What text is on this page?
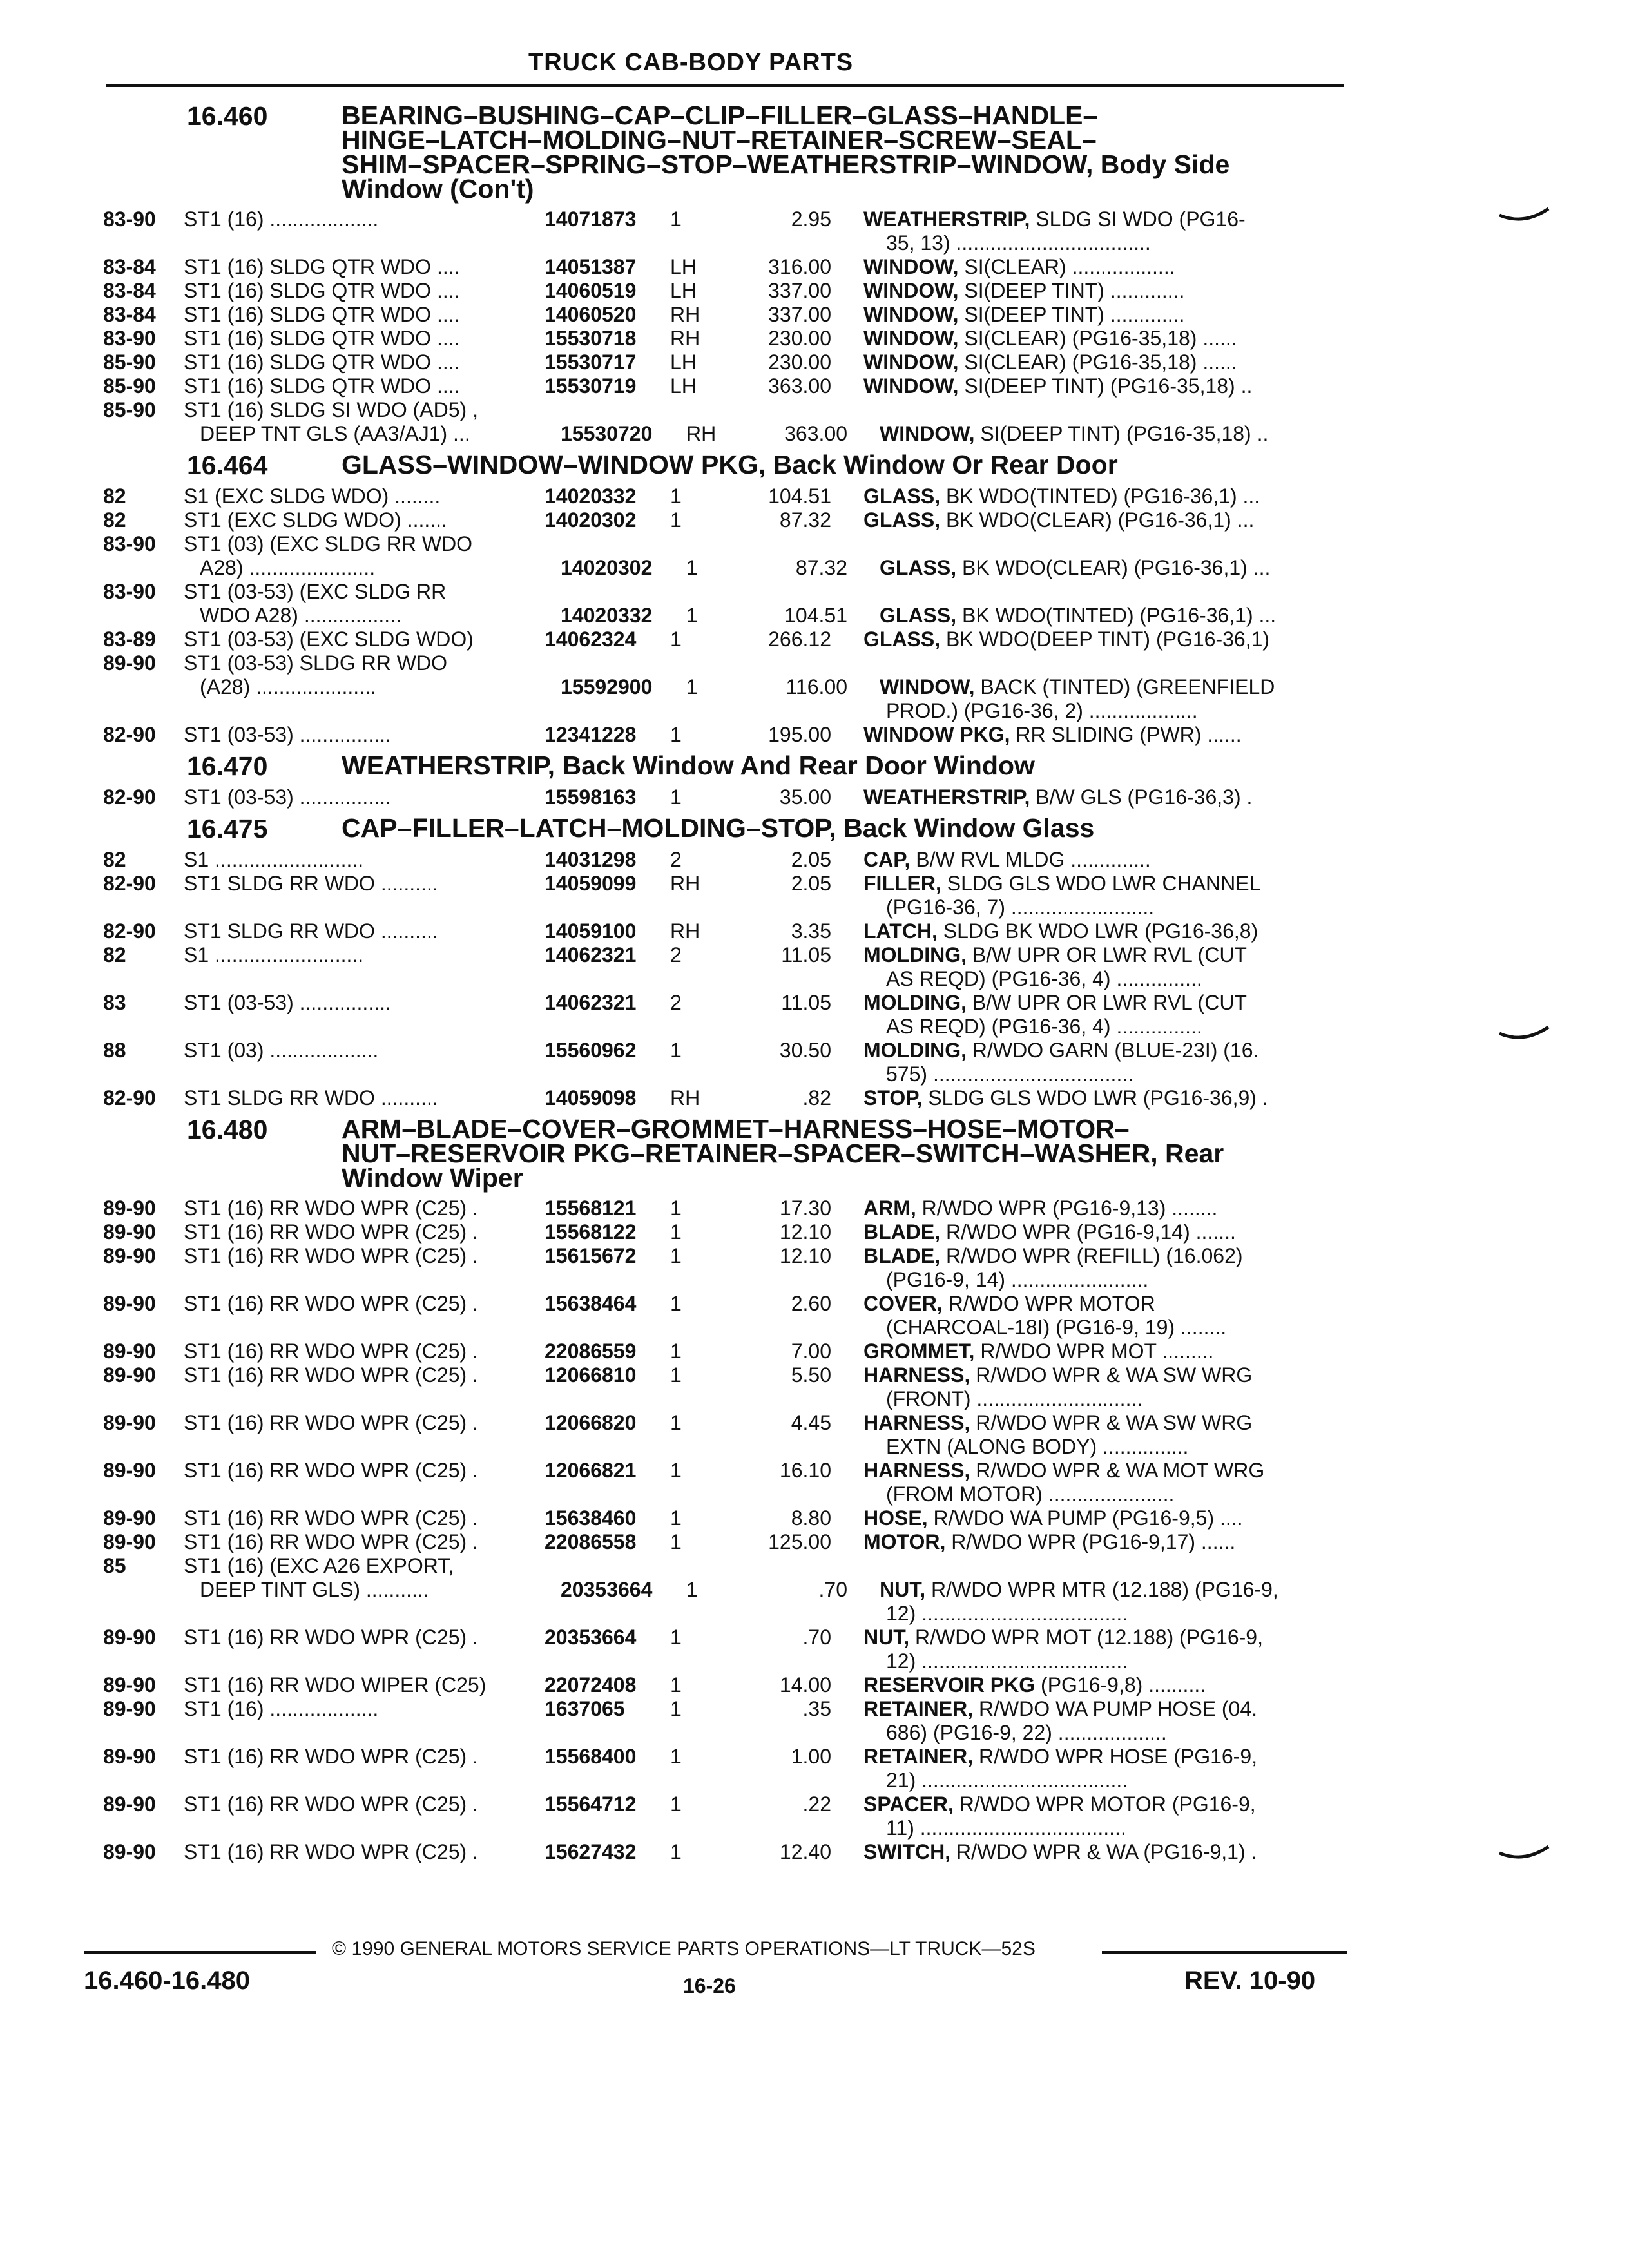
TRUCK CAB-BODY PARTS
16.460	BEARING–BUSHING–CAP–CLIP–FILLER–GLASS–HANDLE–
HINGE–LATCH–MOLDING–NUT–RETAINER–SCREW–SEAL–
SHIM–SPACER–SPRING–STOP–WEATHERSTRIP–WINDOW, Body Side
Window (Con't)
83-90	ST1 (16) ...................	14071873	1	2.95	WEATHERSTRIP, SLDG SI WDO (PG16-
35, 13) ..................................
83-84	ST1 (16) SLDG QTR WDO ....	14051387	LH	316.00	WINDOW, SI(CLEAR) ..................
83-84	ST1 (16) SLDG QTR WDO ....	14060519	LH	337.00	WINDOW, SI(DEEP TINT) .............
83-84	ST1 (16) SLDG QTR WDO ....	14060520	RH	337.00	WINDOW, SI(DEEP TINT) .............
83-90	ST1 (16) SLDG QTR WDO ....	15530718	RH	230.00	WINDOW, SI(CLEAR) (PG16-35,18) ......
85-90	ST1 (16) SLDG QTR WDO ....	15530717	LH	230.00	WINDOW, SI(CLEAR) (PG16-35,18) ......
85-90	ST1 (16) SLDG QTR WDO ....	15530719	LH	363.00	WINDOW, SI(DEEP TINT) (PG16-35,18) ..
85-90	ST1 (16) SLDG SI WDO (AD5) ,
DEEP TNT GLS (AA3/AJ1) ...	15530720	RH	363.00	WINDOW, SI(DEEP TINT) (PG16-35,18) ..
16.464	GLASS–WINDOW–WINDOW PKG, Back Window Or Rear Door
82	S1 (EXC SLDG WDO) ........	14020332	1	104.51	GLASS, BK WDO(TINTED) (PG16-36,1) ...
82	ST1 (EXC SLDG WDO) .......	14020302	1	87.32	GLASS, BK WDO(CLEAR) (PG16-36,1) ...
83-90	ST1 (03) (EXC SLDG RR WDO
A28) ......................	14020302	1	87.32	GLASS, BK WDO(CLEAR) (PG16-36,1) ...
83-90	ST1 (03-53) (EXC SLDG RR
WDO A28) .................	14020332	1	104.51	GLASS, BK WDO(TINTED) (PG16-36,1) ...
83-89	ST1 (03-53) (EXC SLDG WDO)	14062324	1	266.12	GLASS, BK WDO(DEEP TINT) (PG16-36,1)
89-90	ST1 (03-53) SLDG RR WDO
(A28) .....................	15592900	1	116.00	WINDOW, BACK (TINTED) (GREENFIELD
PROD.) (PG16-36, 2) ...................
82-90	ST1 (03-53) ................	12341228	1	195.00	WINDOW PKG, RR SLIDING (PWR) ......
16.470	WEATHERSTRIP, Back Window And Rear Door Window
82-90	ST1 (03-53) ................	15598163	1	35.00	WEATHERSTRIP, B/W GLS (PG16-36,3) .
16.475	CAP–FILLER–LATCH–MOLDING–STOP, Back Window Glass
82	S1 ..........................	14031298	2	2.05	CAP, B/W RVL MLDG ..............
82-90	ST1 SLDG RR WDO ..........	14059099	RH	2.05	FILLER, SLDG GLS WDO LWR CHANNEL
(PG16-36, 7) .........................
82-90	ST1 SLDG RR WDO ..........	14059100	RH	3.35	LATCH, SLDG BK WDO LWR (PG16-36,8)
82	S1 ..........................	14062321	2	11.05	MOLDING, B/W UPR OR LWR RVL (CUT
AS REQD) (PG16-36, 4) ...............
83	ST1 (03-53) ................	14062321	2	11.05	MOLDING, B/W UPR OR LWR RVL (CUT
AS REQD) (PG16-36, 4) ...............
88	ST1 (03) ...................	15560962	1	30.50	MOLDING, R/WDO GARN (BLUE-23I) (16.
575) ...................................
82-90	ST1 SLDG RR WDO ..........	14059098	RH	.82	STOP, SLDG GLS WDO LWR (PG16-36,9) .
16.480	ARM–BLADE–COVER–GROMMET–HARNESS–HOSE–MOTOR–
NUT–RESERVOIR PKG–RETAINER–SPACER–SWITCH–WASHER, Rear
Window Wiper
89-90	ST1 (16) RR WDO WPR (C25) .	15568121	1	17.30	ARM, R/WDO WPR (PG16-9,13) ........
89-90	ST1 (16) RR WDO WPR (C25) .	15568122	1	12.10	BLADE, R/WDO WPR (PG16-9,14) .......
89-90	ST1 (16) RR WDO WPR (C25) .	15615672	1	12.10	BLADE, R/WDO WPR (REFILL) (16.062)
(PG16-9, 14) ........................
89-90	ST1 (16) RR WDO WPR (C25) .	15638464	1	2.60	COVER, R/WDO WPR MOTOR
(CHARCOAL-18I) (PG16-9, 19) ........
89-90	ST1 (16) RR WDO WPR (C25) .	22086559	1	7.00	GROMMET, R/WDO WPR MOT .........
89-90	ST1 (16) RR WDO WPR (C25) .	12066810	1	5.50	HARNESS, R/WDO WPR & WA SW WRG
(FRONT) .............................
89-90	ST1 (16) RR WDO WPR (C25) .	12066820	1	4.45	HARNESS, R/WDO WPR & WA SW WRG
EXTN (ALONG BODY) ...............
89-90	ST1 (16) RR WDO WPR (C25) .	12066821	1	16.10	HARNESS, R/WDO WPR & WA MOT WRG
(FROM MOTOR) ......................
89-90	ST1 (16) RR WDO WPR (C25) .	15638460	1	8.80	HOSE, R/WDO WA PUMP (PG16-9,5) ....
89-90	ST1 (16) RR WDO WPR (C25) .	22086558	1	125.00	MOTOR, R/WDO WPR (PG16-9,17) ......
85	ST1 (16) (EXC A26 EXPORT,
DEEP TINT GLS) ...........	20353664	1	.70	NUT, R/WDO WPR MTR (12.188) (PG16-9,
12) ....................................
89-90	ST1 (16) RR WDO WPR (C25) .	20353664	1	.70	NUT, R/WDO WPR MOT (12.188) (PG16-9,
12) ....................................
89-90	ST1 (16) RR WDO WIPER (C25)	22072408	1	14.00	RESERVOIR PKG (PG16-9,8) ..........
89-90	ST1 (16) ...................	1637065	1	.35	RETAINER, R/WDO WA PUMP HOSE (04.
686) (PG16-9, 22) ...................
89-90	ST1 (16) RR WDO WPR (C25) .	15568400	1	1.00	RETAINER, R/WDO WPR HOSE (PG16-9,
21) ....................................
89-90	ST1 (16) RR WDO WPR (C25) .	15564712	1	.22	SPACER, R/WDO WPR MOTOR (PG16-9,
11) ....................................
89-90	ST1 (16) RR WDO WPR (C25) .	15627432	1	12.40	SWITCH, R/WDO WPR & WA (PG16-9,1) .
© 1990 GENERAL MOTORS SERVICE PARTS OPERATIONS—LT TRUCK—52S
16.460-16.480	16-26	REV. 10-90
